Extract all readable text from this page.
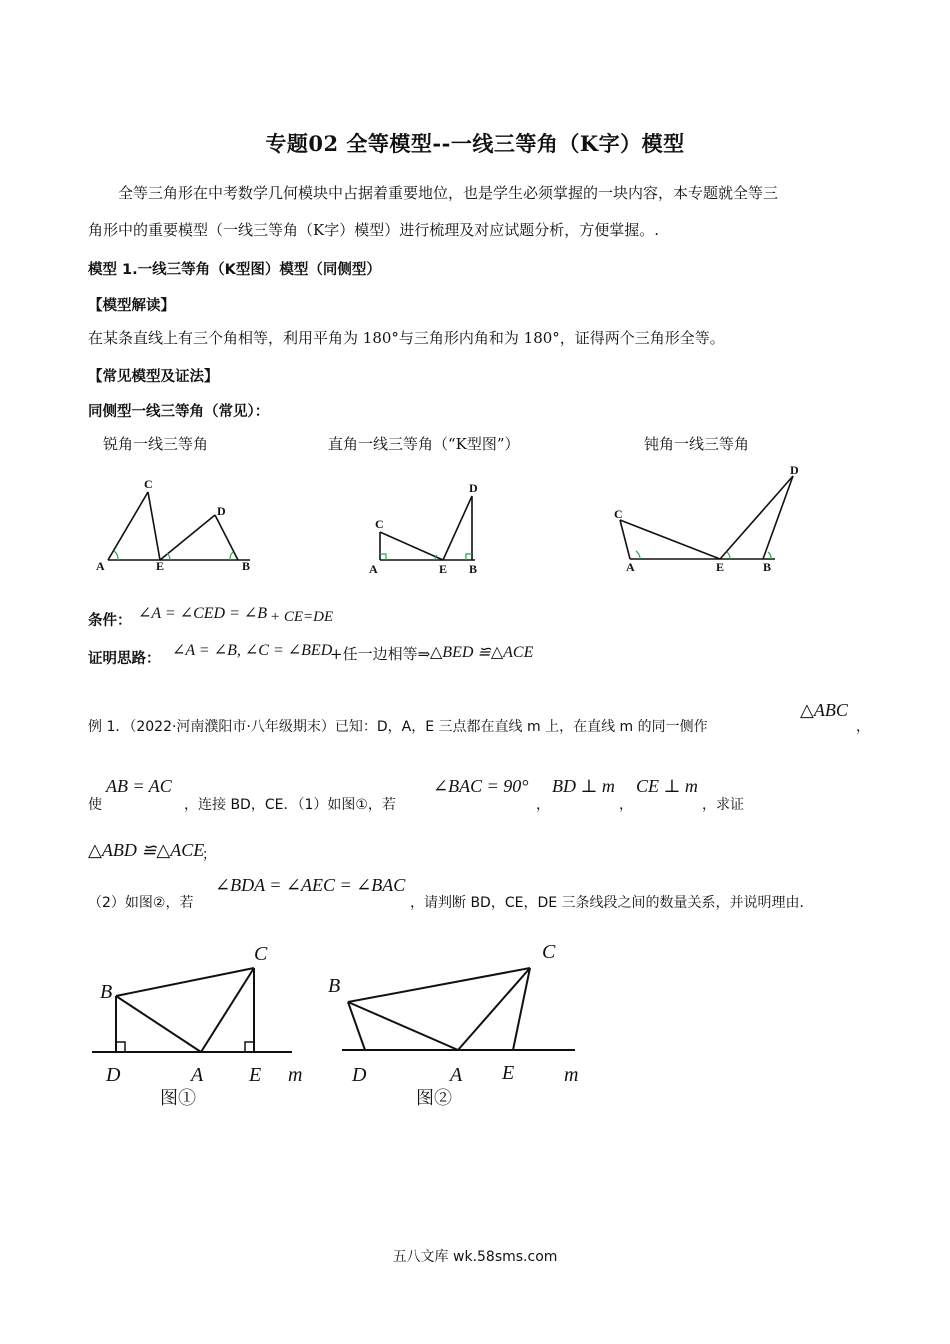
专题02 全等模型--一线三等角（K字）模型
全等三角形在中考数学几何模块中占据着重要地位，也是学生必须掌握的一块内容，本专题就全等三
角形中的重要模型（一线三等角（K字）模型）进行梳理及对应试题分析，方便掌握。.
模型 1.一线三等角（K型图）模型（同侧型）
【模型解读】
在某条直线上有三个角相等，利用平角为 180°与三角形内角和为 180°，证得两个三角形全等。
【常见模型及证法】
同侧型一线三等角（常见）：
锐角一线三等角	直角一线三等角（“K型图”）	钝角一线三等角
A
C
E
D
B
C
A	E
D
B
C
A	E
D
B
条件： ∠A = ∠CED = ∠B + CE=DE
证明思路： ∠A = ∠B, ∠C = ∠BED
+任一边相等⇒ △BED ≌△ACE
例 1．（2022·河南濮阳市·八年级期末）已知：D，A，E 三点都在直线 m 上，在直线 m 的同一侧作
△ABC
，
使
AB = AC
，连接 BD，CE．（1）如图①，若
∠BAC = 90°
，
BD ⊥ m
，
CE ⊥ m
，求证
△ABD ≌△ACE
；
（2）如图②，若
∠BDA = ∠AEC = ∠BAC
，请判断 BD，CE，DE 三条线段之间的数量关系，并说明理由．
B
C
D	A E m
图①
B
C
D	A E m
图②
五八文库 wk.58sms.com
